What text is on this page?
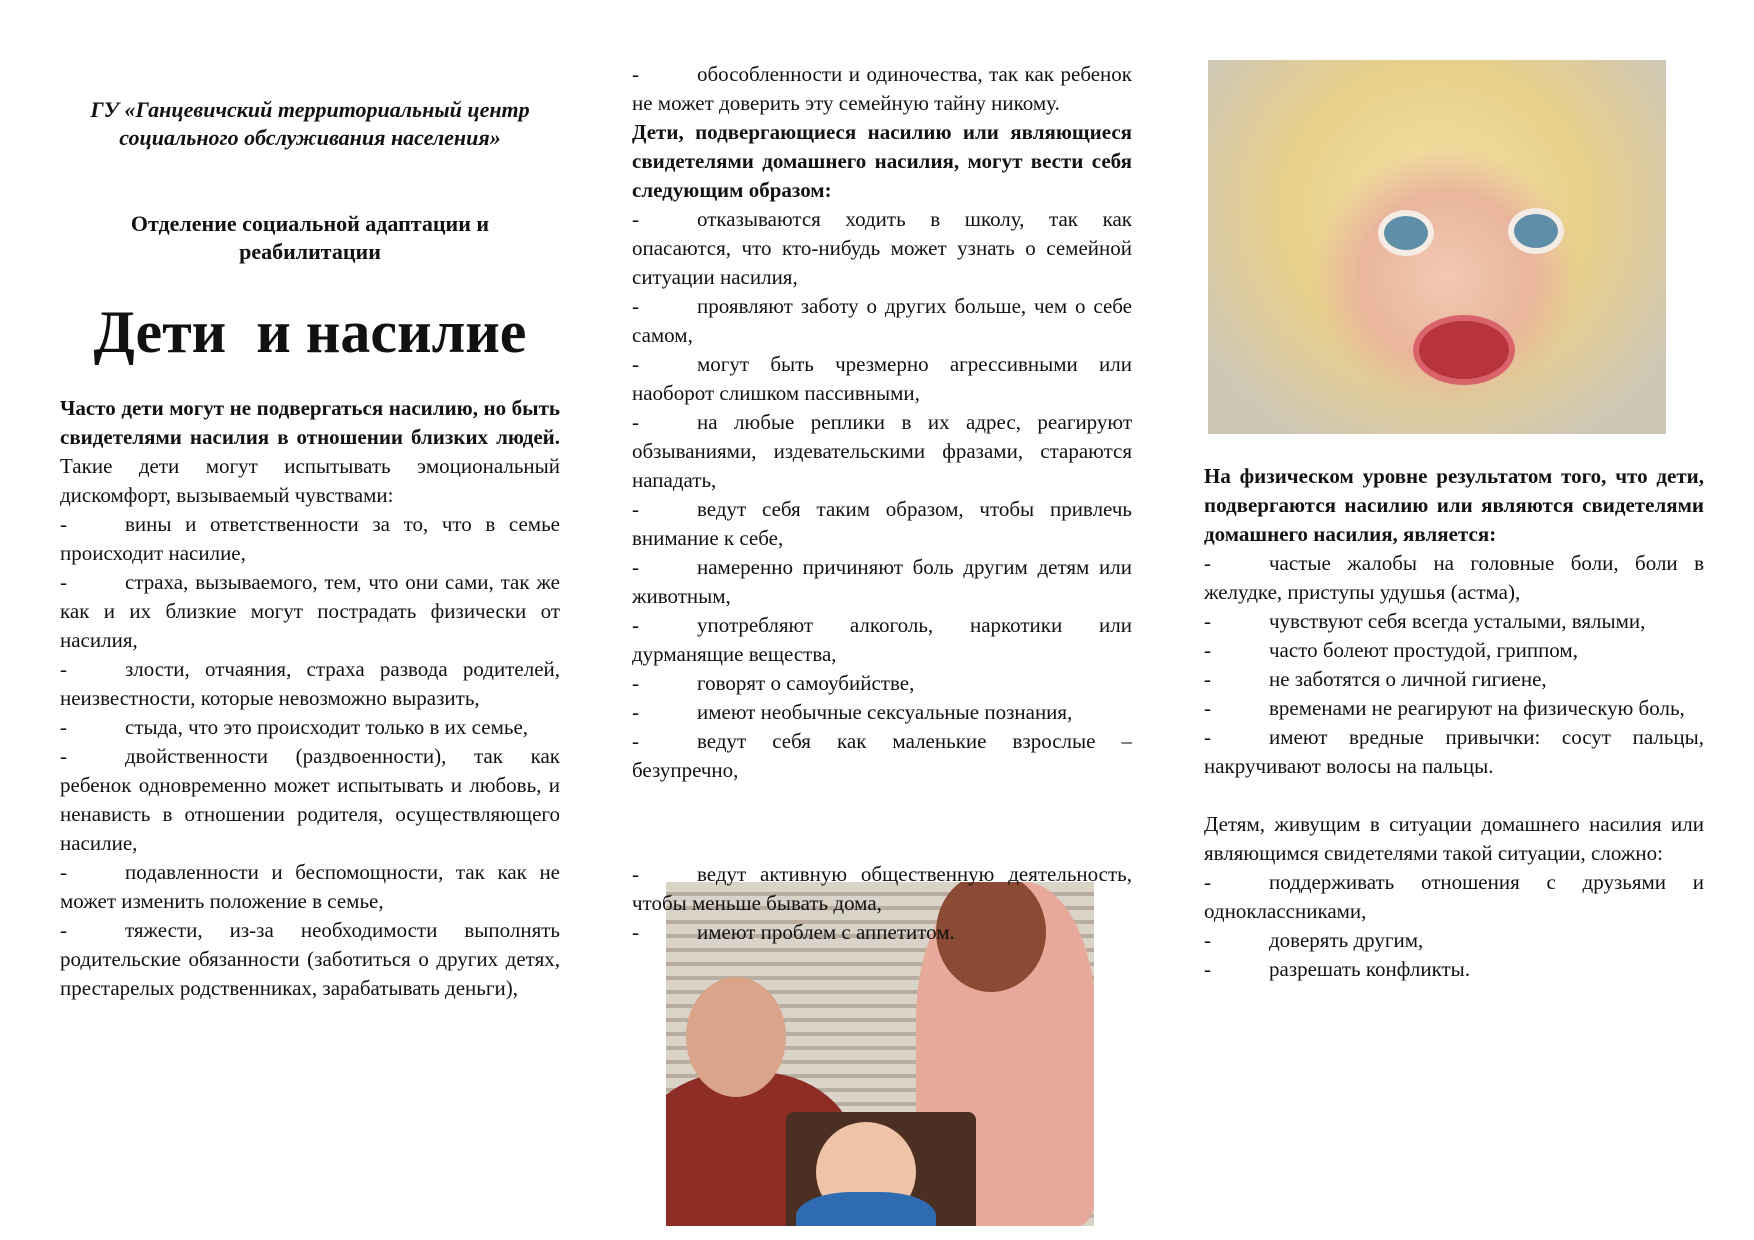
ГУ «Ганцевичский территориальный центр социального обслуживания населения»
Отделение социальной адаптации и реабилитации
Дети  и насилие

Часто дети могут не подвергаться насилию, но быть свидетелями насилия в отношении близких людей. Такие дети могут испытывать эмоциональный дискомфорт, вызываемый чувствами:

-	вины и ответственности за то, что в семье происходит насилие,

-	страха, вызываемого, тем, что они сами, так же как и их близкие могут пострадать физически от насилия,

-	злости, отчаяния, страха развода родителей, неизвестности, которые невозможно выразить,

-	стыда, что это происходит только в их семье,

-	двойственности (раздвоенности), так как ребенок одновременно может испытывать и любовь, и ненависть в отношении родителя, осуществляющего насилие,

-	подавленности и беспомощности, так как не может изменить положение в семье,

-	тяжести, из-за необходимости выполнять родительские обязанности (заботиться о других детях, престарелых родственниках, зарабатывать деньги),

-	обособленности и одиночества, так как ребенок не может доверить эту семейную тайну никому.

Дети, подвергающиеся насилию или являющиеся свидетелями домашнего насилия, могут вести себя следующим образом:

-	отказываются ходить в школу, так как опасаются, что кто-нибудь может узнать о семейной ситуации насилия,

-	проявляют заботу о других больше, чем о себе самом,

-	могут быть чрезмерно агрессивными или наоборот слишком пассивными,

-	на любые реплики в их адрес, реагируют обзываниями, издевательскими фразами, стараются нападать,

-	ведут себя таким образом, чтобы привлечь внимание к себе,

-	намеренно причиняют боль другим детям или животным,

-	употребляют алкоголь, наркотики или дурманящие вещества,

-	говорят о самоубийстве,

-	имеют необычные сексуальные познания,

-	ведут себя как маленькие взрослые – безупречно,

-	ведут активную общественную деятельность, чтобы меньше бывать дома,

-	имеют проблем с аппетитом.

На физическом уровне результатом того, что дети, подвергаются насилию или являются свидетелями домашнего насилия, является:

-	частые жалобы на головные боли, боли в желудке, приступы удушья (астма),

-	чувствуют себя всегда усталыми, вялыми,

-	часто болеют простудой, гриппом,

-	не заботятся о личной гигиене,

-	временами не реагируют на физическую боль,

-	имеют вредные привычки: сосут пальцы, накручивают волосы на пальцы.

Детям, живущим в ситуации домашнего насилия или являющимся свидетелями такой ситуации, сложно:

-	поддерживать отношения с друзьями и одноклассниками,

-	доверять другим,

-	разрешать конфликты.
